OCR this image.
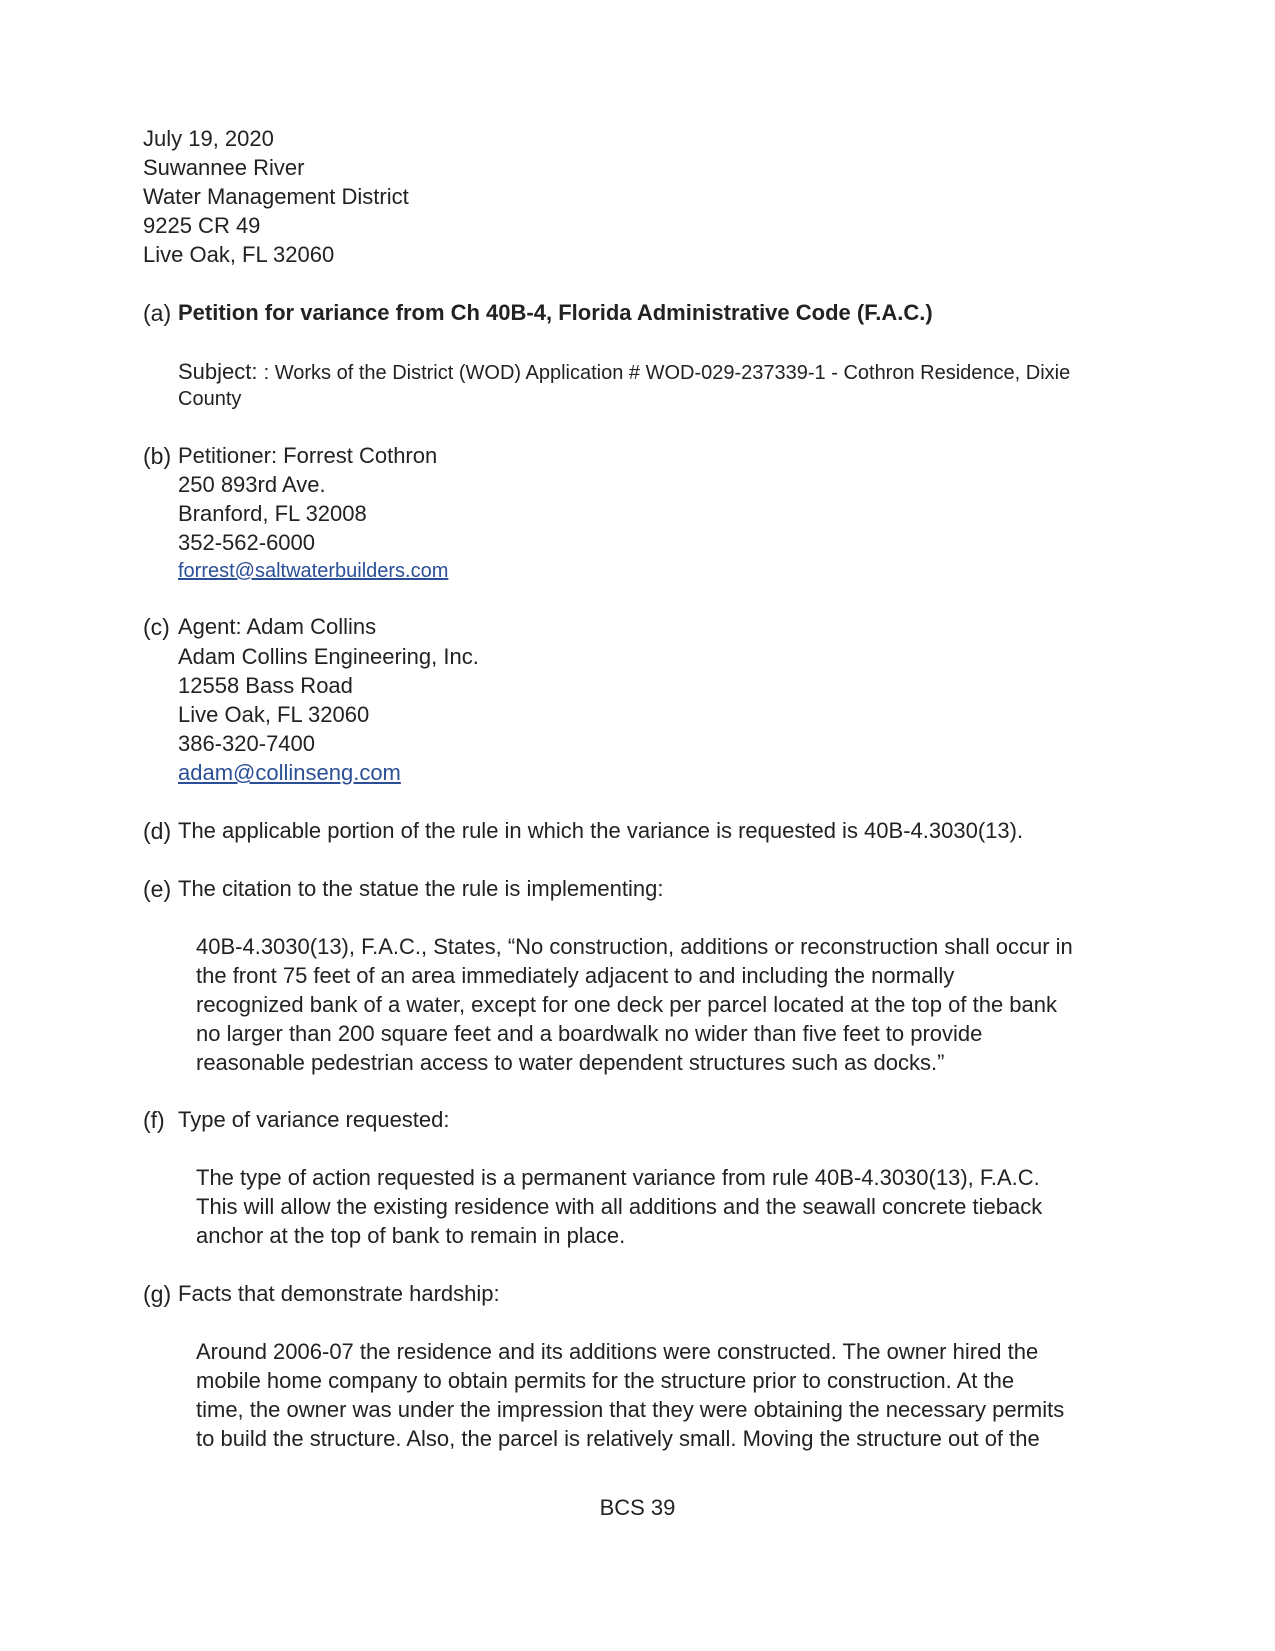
July 19, 2020
Suwannee River
Water Management District
9225 CR 49
Live Oak, FL 32060
(a) Petition for variance from Ch 40B-4, Florida Administrative Code (F.A.C.)
Subject: : Works of the District (WOD) Application # WOD-029-237339-1 - Cothron Residence, Dixie
County
(b) Petitioner: Forrest Cothron
250 893rd Ave.
Branford, FL 32008
352-562-6000
forrest@saltwaterbuilders.com
(c) Agent: Adam Collins
Adam Collins Engineering, Inc.
12558 Bass Road
Live Oak, FL 32060
386-320-7400
adam@collinseng.com
(d) The applicable portion of the rule in which the variance is requested is 40B-4.3030(13).
(e) The citation to the statue the rule is implementing:
40B-4.3030(13), F.A.C., States, “No construction, additions or reconstruction shall occur in
the front 75 feet of an area immediately adjacent to and including the normally
recognized bank of a water, except for one deck per parcel located at the top of the bank
no larger than 200 square feet and a boardwalk no wider than five feet to provide
reasonable pedestrian access to water dependent structures such as docks.”
(f) Type of variance requested:
The type of action requested is a permanent variance from rule 40B-4.3030(13), F.A.C.
This will allow the existing residence with all additions and the seawall concrete tieback
anchor at the top of bank to remain in place.
(g) Facts that demonstrate hardship:
Around 2006-07 the residence and its additions were constructed. The owner hired the
mobile home company to obtain permits for the structure prior to construction. At the
time, the owner was under the impression that they were obtaining the necessary permits
to build the structure. Also, the parcel is relatively small. Moving the structure out of the
BCS 39
